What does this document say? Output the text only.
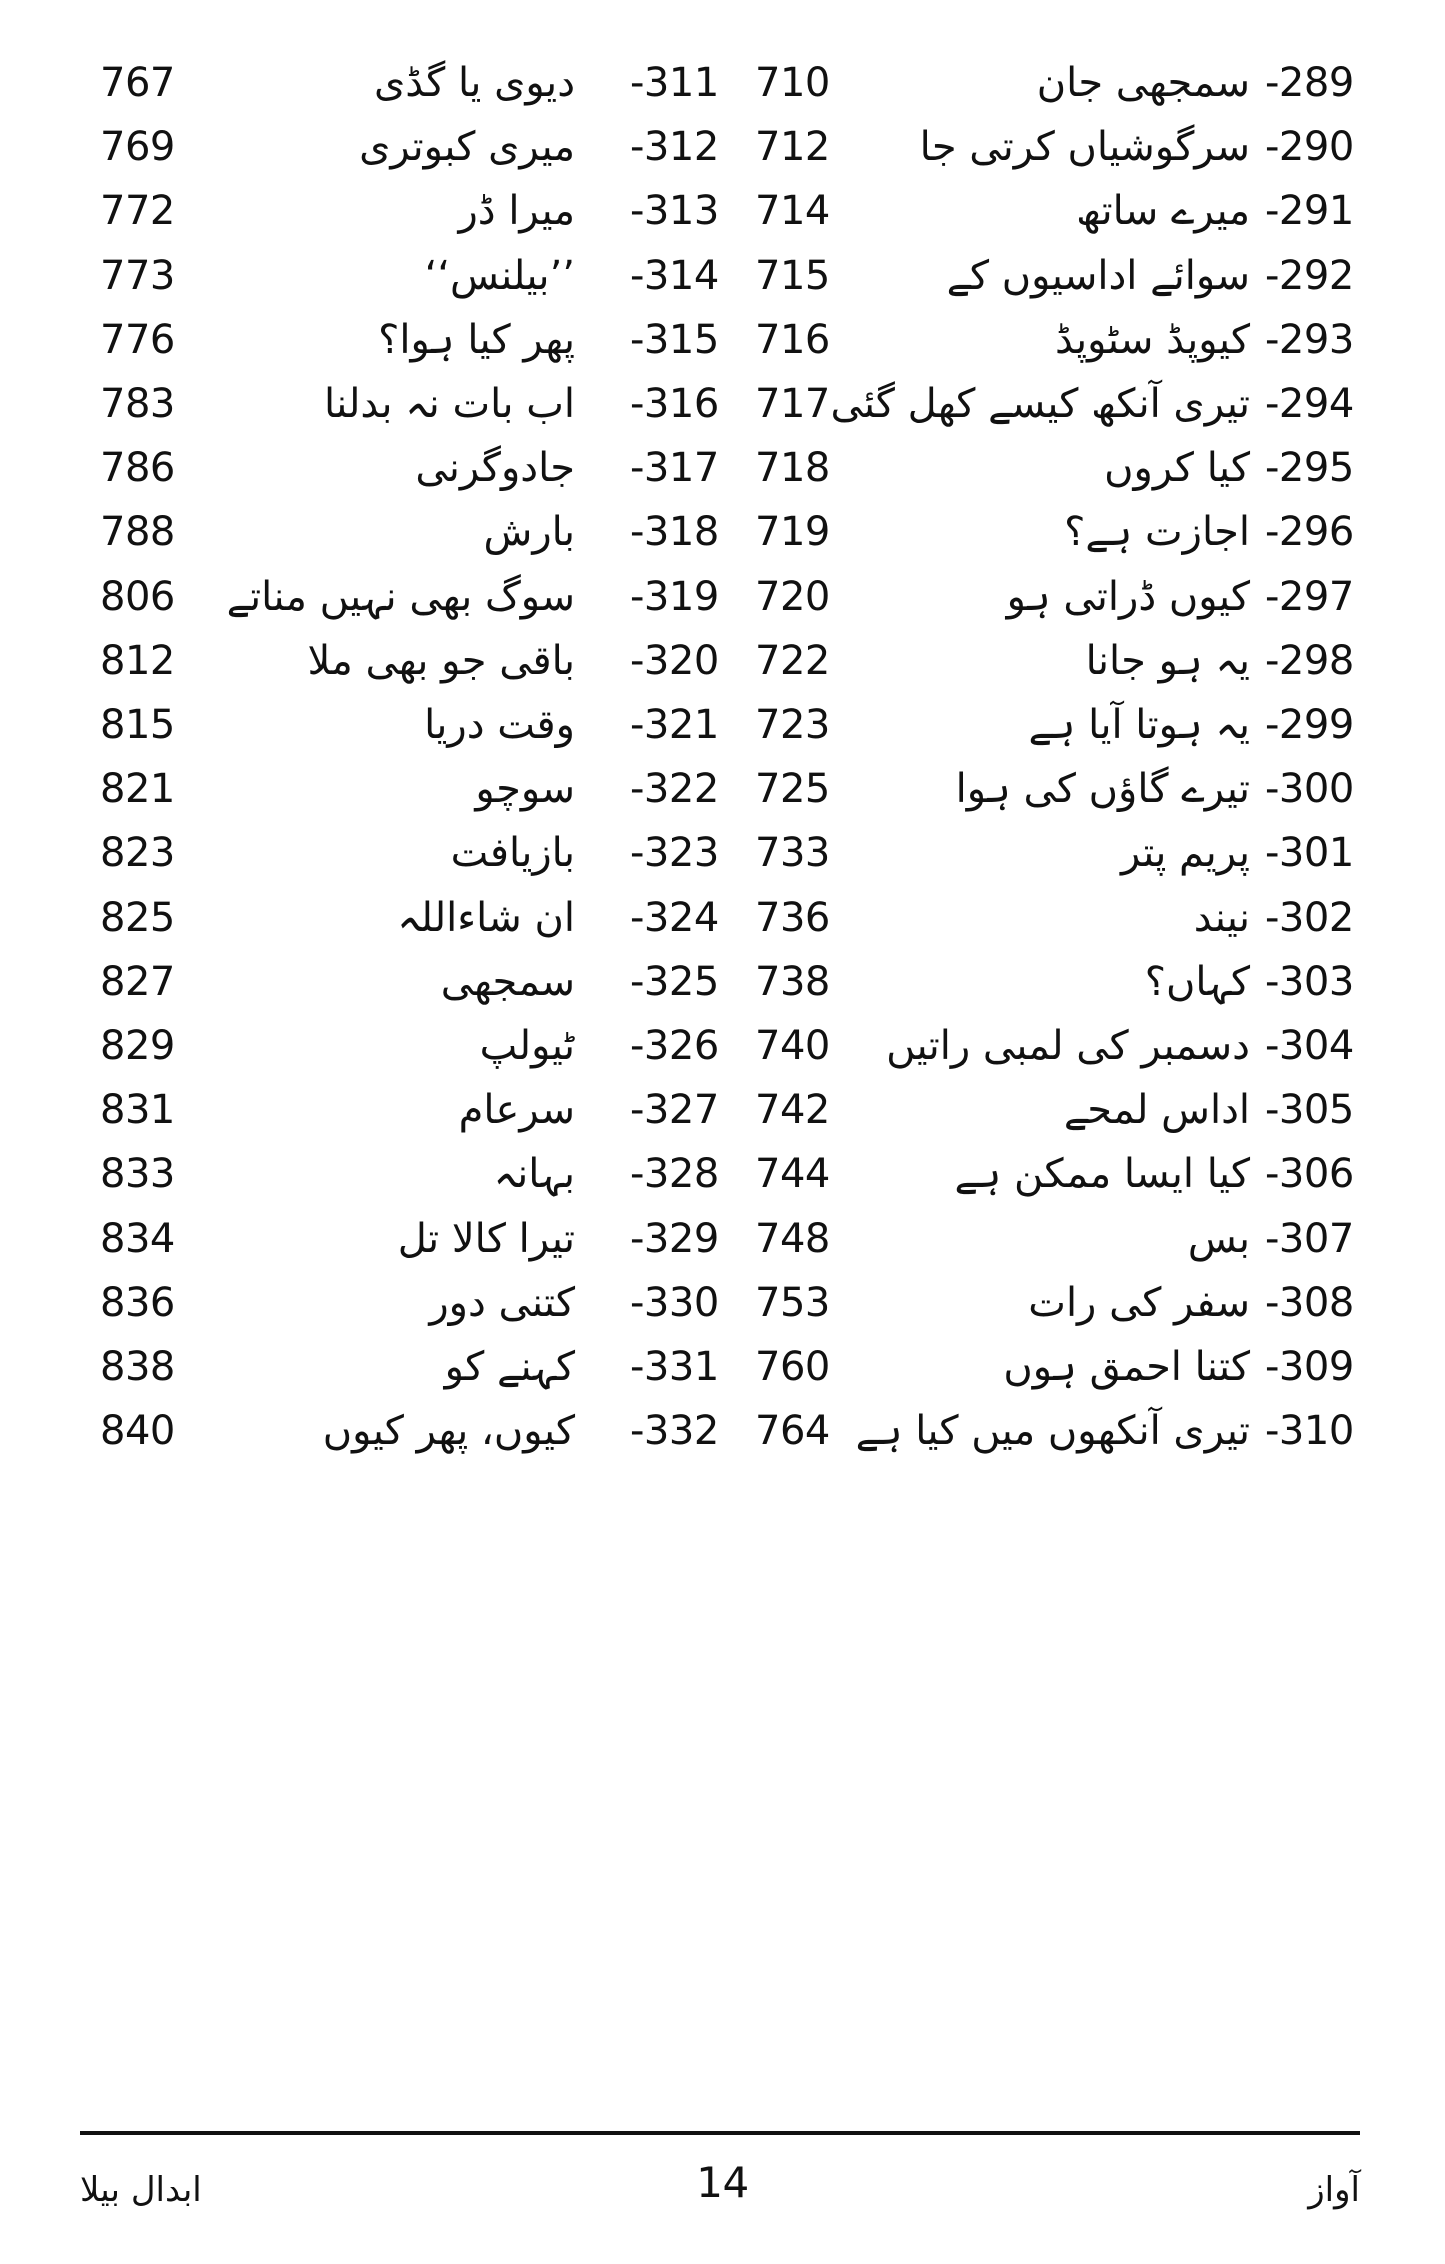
-289
سمجھی جان
710
-311
دیوی یا گڈی
767
-290
سرگوشیاں کرتی جا
712
-312
میری کبوتری
769
-291
میرے ساتھ
714
-313
میرا ڈر
772
-292
سوائے اداسیوں کے
715
-314
’’بیلنس‘‘
773
-293
کیوپڈ سٹوپڈ
716
-315
پھر کیا ہوا؟
776
-294
تیری آنکھ کیسے کھل گئی
717
-316
اب بات نہ بدلنا
783
-295
کیا کروں
718
-317
جادوگرنی
786
-296
اجازت ہے؟
719
-318
بارش
788
-297
کیوں ڈراتی ہو
720
-319
سوگ بھی نہیں مناتے
806
-298
یہ ہو جانا
722
-320
باقی جو بھی ملا
812
-299
یہ ہوتا آیا ہے
723
-321
وقت دریا
815
-300
تیرے گاؤں کی ہوا
725
-322
سوچو
821
-301
پریم پتر
733
-323
بازیافت
823
-302
نیند
736
-324
ان شاءاللہ
825
-303
کہاں؟
738
-325
سمجھی
827
-304
دسمبر کی لمبی راتیں
740
-326
ٹیولپ
829
-305
اداس لمحے
742
-327
سرعام
831
-306
کیا ایسا ممکن ہے
744
-328
بہانہ
833
-307
بس
748
-329
تیرا کالا تل
834
-308
سفر کی رات
753
-330
کتنی دور
836
-309
کتنا احمق ہوں
760
-331
کہنے کو
838
-310
تیری آنکھوں میں کیا ہے
764
-332
کیوں، پھر کیوں
840
ابدال بیلا	14	آواز
